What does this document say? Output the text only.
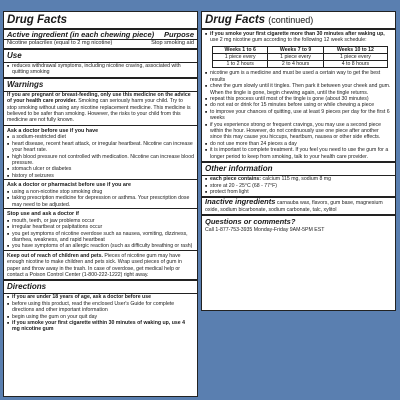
Drug Facts
Active ingredient (in each chewing piece) Purpose
Nicotine polacrilex (equal to 2 mg nicotine)	Stop smoking aid
Use
■ reduces withdrawal symptoms, including nicotine craving, associated with quitting smoking
Warnings
If you are pregnant or breast-feeding, only use this medicine on the advice of your health care provider. Smoking can seriously harm your child. Try to stop smoking without using any nicotine replacement medicine. This medicine is believed to be safer than smoking. However, the risks to your child from this medicine are not fully known.
Ask a doctor before use if you have
■ a sodium-restricted diet
■ heart disease, recent heart attack, or irregular heartbeat. Nicotine can increase your heart rate.
■ high blood pressure not controlled with medication. Nicotine can increase blood pressure.
■ stomach ulcer or diabetes
■ history of seizures
Ask a doctor or pharmacist before use if you are
■ using a non-nicotine stop smoking drug
■ taking prescription medicine for depression or asthma. Your prescription dose may need to be adjusted.
Stop use and ask a doctor if
■ mouth, teeth, or jaw problems occur
■ irregular heartbeat or palpitations occur
■ you get symptoms of nicotine overdose such as nausea, vomiting, dizziness, diarrhea, weakness, and rapid heartbeat
■ you have symptoms of an allergic reaction (such as difficulty breathing or rash)
Keep out of reach of children and pets. Pieces of nicotine gum may have enough nicotine to make children and pets sick. Wrap used pieces of gum in paper and throw away in the trash. In case of overdose, get medical help or contact a Poison Control Center (1-800-222-1222) right away.
Directions
■ if you are under 18 years of age, ask a doctor before use
■ before using this product, read the enclosed User's Guide for complete directions and other important information
■ begin using the gum on your quit day
■ if you smoke your first cigarette within 30 minutes of waking up, use 4 mg nicotine gum
Drug Facts (continued)
■ if you smoke your first cigarette more than 30 minutes after waking up, use 2 mg nicotine gum according to the following 12 week schedule:
Weeks 1 to 6	Weeks 7 to 9	Weeks 10 to 12
1 piece every	1 piece every	1 piece every
1 to 2 hours	2 to 4 hours	4 to 8 hours
■ nicotine gum is a medicine and must be used a certain way to get the best results
■ chew the gum slowly until it tingles. Then park it between your cheek and gum. When the tingle is gone, begin chewing again, until the tingle returns.
■ repeat this process until most of the tingle is gone (about 30 minutes)
■ do not eat or drink for 15 minutes before using or while chewing a piece
■ to improve your chances of quitting, use at least 9 pieces per day for the first 6 weeks
■ if you experience strong or frequent cravings, you may use a second piece within the hour. However, do not continuously use one piece after another since this may cause you hiccups, heartburn, nausea or other side effects.
■ do not use more than 24 pieces a day
■ it is important to complete treatment. If you feel you need to use the gum for a longer period to keep from smoking, talk to your health care provider.
Other information
■ each piece contains: calcium 115 mg, sodium 8 mg
■ store at 20 - 25°C (68 - 77°F)
■ protect from light
Inactive ingredients carnauba wax, flavors, gum base, magnesium oxide, sodium bicarbonate, sodium carbonate, talc, xylitol
Questions or comments?
Call 1-877-753-3935 Monday-Friday 9AM-5PM EST
